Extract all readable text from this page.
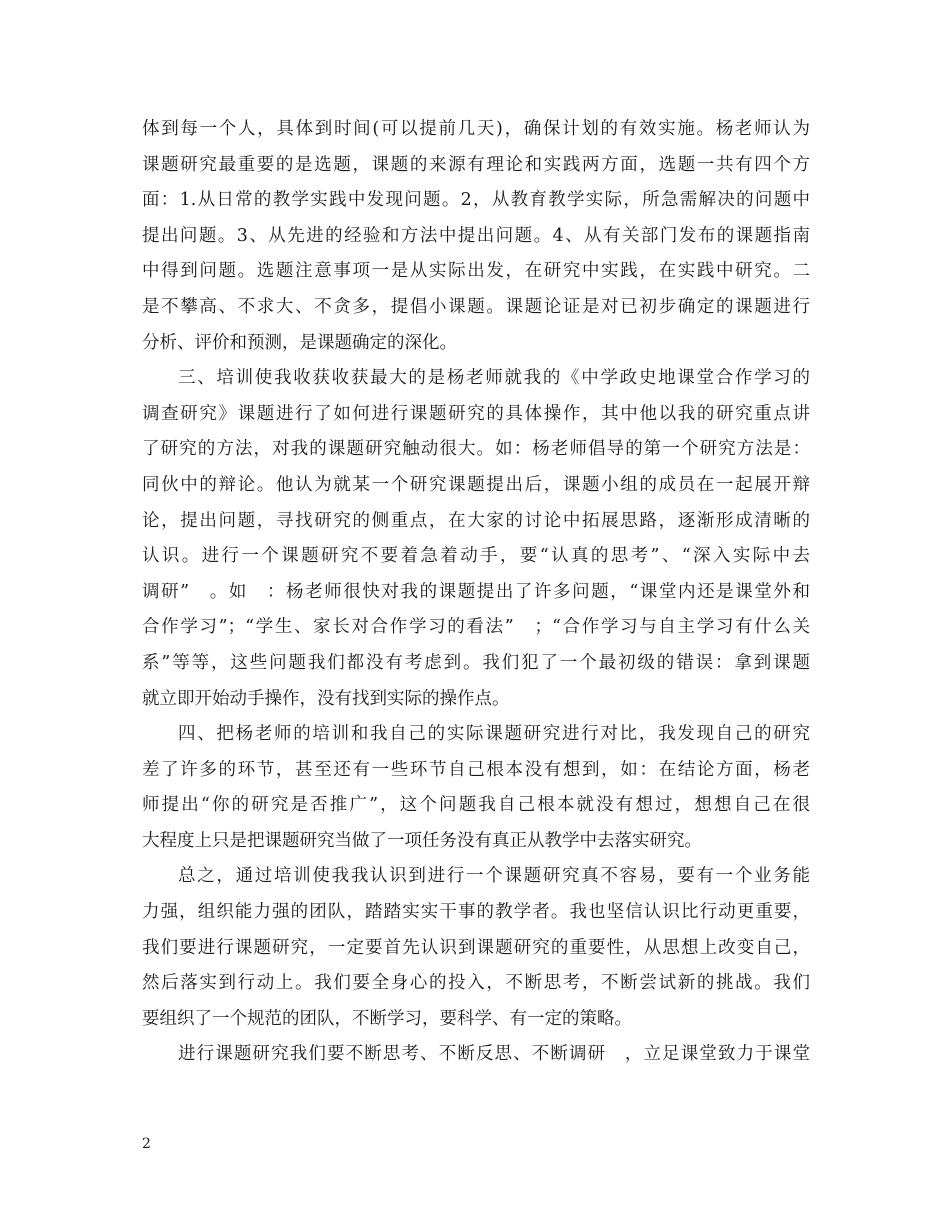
体到每一个人，具体到时间(可以提前几天)，确保计划的有效实施。杨老师认为
课题研究最重要的是选题，课题的来源有理论和实践两方面，选题一共有四个方
面：1.从日常的教学实践中发现问题。2，从教育教学实际，所急需解决的问题中
提出问题。3、从先进的经验和方法中提出问题。4、从有关部门发布的课题指南
中得到问题。选题注意事项一是从实际出发，在研究中实践，在实践中研究。二
是不攀高、不求大、不贪多，提倡小课题。课题论证是对已初步确定的课题进行
分析、评价和预测，是课题确定的深化。
三、培训使我收获收获最大的是杨老师就我的《中学政史地课堂合作学习的
调查研究》课题进行了如何进行课题研究的具体操作，其中他以我的研究重点讲
了研究的方法，对我的课题研究触动很大。如：杨老师倡导的第一个研究方法是：
同伙中的辩论。他认为就某一个研究课题提出后，课题小组的成员在一起展开辩
论，提出问题，寻找研究的侧重点，在大家的讨论中拓展思路，逐渐形成清晰的
认识。进行一个课题研究不要着急着动手，要“认真的思考”、“深入实际中去
调研”　。如　：杨老师很快对我的课题提出了许多问题，“课堂内还是课堂外和
合作学习”；“学生、家长对合作学习的看法”　；“合作学习与自主学习有什么关
系”等等，这些问题我们都没有考虑到。我们犯了一个最初级的错误：拿到课题
就立即开始动手操作，没有找到实际的操作点。
四、把杨老师的培训和我自己的实际课题研究进行对比，我发现自己的研究
差了许多的环节，甚至还有一些环节自己根本没有想到，如：在结论方面，杨老
师提出“你的研究是否推广”，这个问题我自己根本就没有想过，想想自己在很
大程度上只是把课题研究当做了一项任务没有真正从教学中去落实研究。
总之，通过培训使我我认识到进行一个课题研究真不容易，要有一个业务能
力强，组织能力强的团队，踏踏实实干事的教学者。我也坚信认识比行动更重要，
我们要进行课题研究，一定要首先认识到课题研究的重要性，从思想上改变自己，
然后落实到行动上。我们要全身心的投入，不断思考，不断尝试新的挑战。我们
要组织了一个规范的团队，不断学习，要科学、有一定的策略。
进行课题研究我们要不断思考、不断反思、不断调研　，立足课堂致力于课堂
2
